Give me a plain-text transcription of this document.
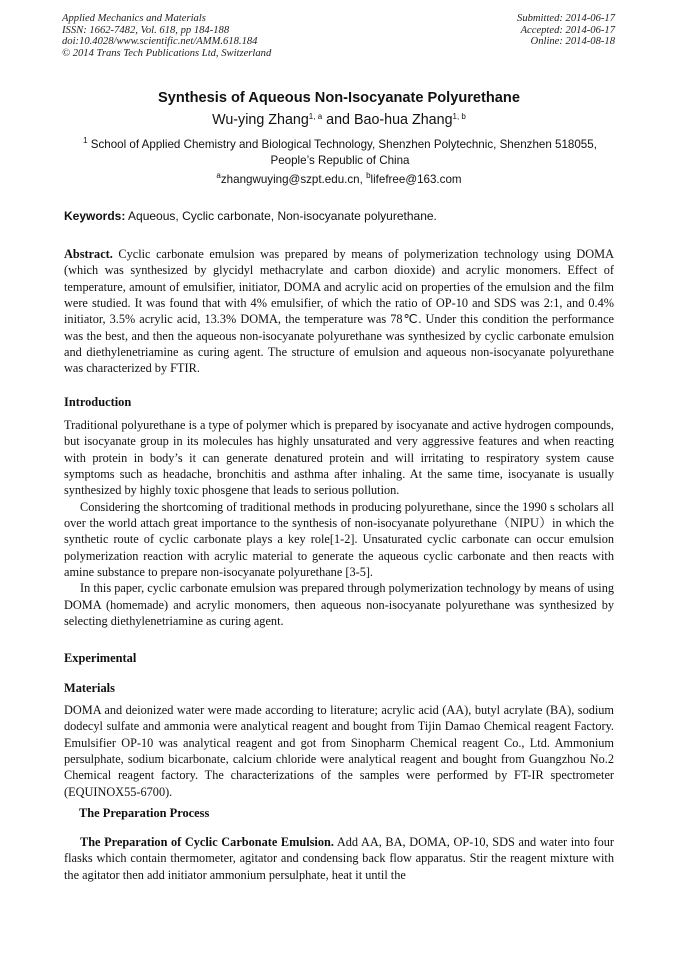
Applied Mechanics and Materials
ISSN: 1662-7482, Vol. 618, pp 184-188
doi:10.4028/www.scientific.net/AMM.618.184
© 2014 Trans Tech Publications Ltd, Switzerland
Submitted: 2014-06-17
Accepted: 2014-06-17
Online: 2014-08-18
Synthesis of Aqueous Non-Isocyanate Polyurethane
Wu-ying Zhang$^{1, a}$ and Bao-hua Zhang$^{1, b}$
$^1$ School of Applied Chemistry and Biological Technology, Shenzhen Polytechnic, Shenzhen 518055, People’s Republic of China
$^a$zhangwuying@szpt.edu.cn, $^b$lifefree@163.com
Keywords: Aqueous, Cyclic carbonate, Non-isocyanate polyurethane.

Abstract. Cyclic carbonate emulsion was prepared by means of polymerization technology using DOMA (which was synthesized by glycidyl methacrylate and carbon dioxide) and acrylic monomers. Effect of temperature, amount of emulsifier, initiator, DOMA and acrylic acid on properties of the emulsion and the film were studied. It was found that with 4% emulsifier, of which the ratio of OP-10 and SDS was 2:1, and 0.4% initiator, 3.5% acrylic acid, 13.3% DOMA, the temperature was 78℃. Under this condition the performance was the best, and then the aqueous non-isocyanate polyurethane was synthesized by cyclic carbonate emulsion and diethylenetriamine as curing agent. The structure of emulsion and aqueous non-isocyanate polyurethane was characterized by FTIR.

Introduction

Traditional polyurethane is a type of polymer which is prepared by isocyanate and active hydrogen compounds, but isocyanate group in its molecules has highly unsaturated and very aggressive features and when reacting with protein in body’s it can generate denatured protein and will irritating to respiratory system cause symptoms such as headache, bronchitis and asthma after inhaling. At the same time, isocyanate is usually synthesized by highly toxic phosgene that leads to serious pollution.

Considering the shortcoming of traditional methods in producing polyurethane, since the 1990 s scholars all over the world attach great importance to the synthesis of non-isocyanate polyurethane（NIPU）in which the synthetic route of cyclic carbonate plays a key role[1-2]. Unsaturated cyclic carbonate can occur emulsion polymerization reaction with acrylic material to generate the aqueous cyclic carbonate and then reacts with amine substance to prepare non-isocyanate polyurethane [3-5].

In this paper, cyclic carbonate emulsion was prepared through polymerization technology by means of using DOMA (homemade) and acrylic monomers, then aqueous non-isocyanate polyurethane was synthesized by selecting diethylenetriamine as curing agent.

Experimental
Materials

DOMA and deionized water were made according to literature; acrylic acid (AA), butyl acrylate (BA), sodium dodecyl sulfate and ammonia were analytical reagent and bought from Tijin Damao Chemical reagent Factory. Emulsifier OP-10 was analytical reagent and got from Sinopharm Chemical reagent Co., Ltd. Ammonium persulphate, sodium bicarbonate, calcium chloride were analytical reagent and bought from Guangzhou No.2 Chemical reagent factory. The characterizations of the samples were performed by FT-IR spectrometer (EQUINOX55-6700).

The Preparation Process

The Preparation of Cyclic Carbonate Emulsion. Add AA, BA, DOMA, OP-10, SDS and water into four flasks which contain thermometer, agitator and condensing back flow apparatus. Stir the reagent mixture with the agitator then add initiator ammonium persulphate, heat it until the
